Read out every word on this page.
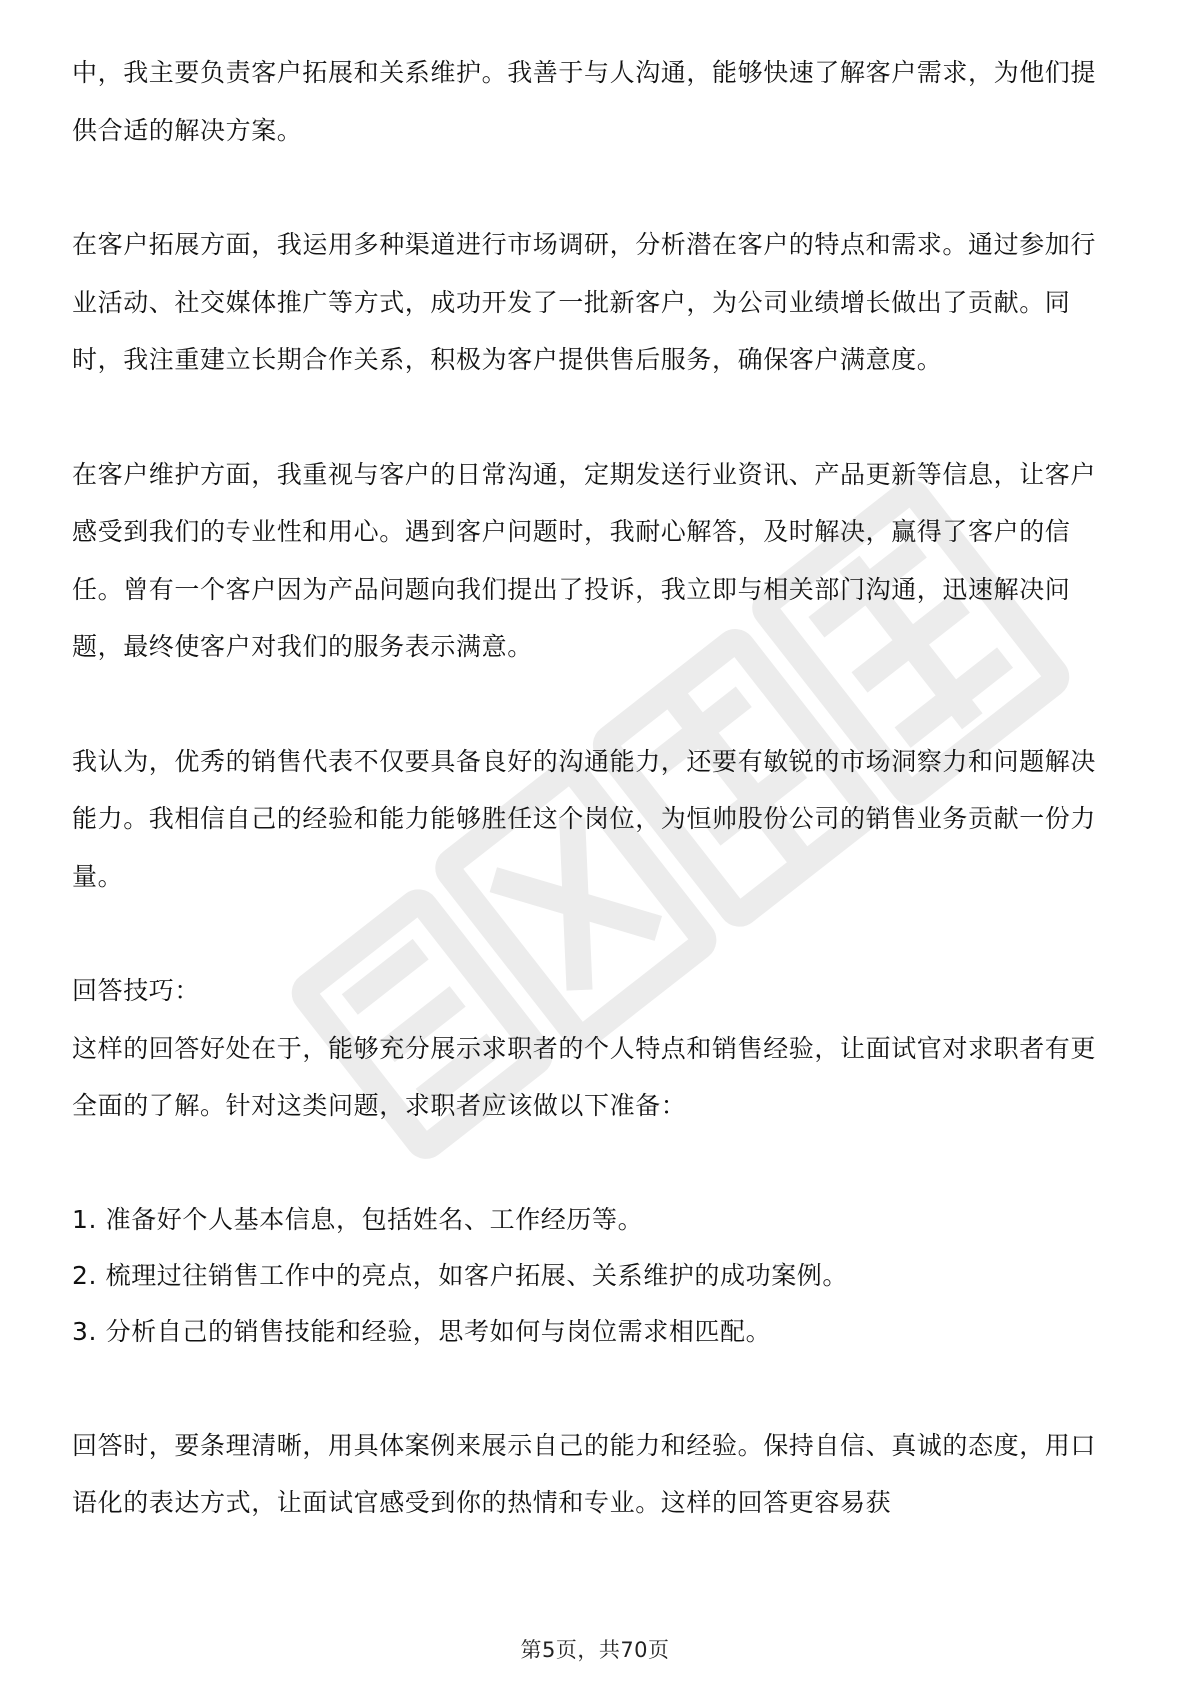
中，我主要负责客户拓展和关系维护。我善于与人沟通，能够快速了解客户需求，为他们提供合适的解决方案。

在客户拓展方面，我运用多种渠道进行市场调研，分析潜在客户的特点和需求。通过参加行业活动、社交媒体推广等方式，成功开发了一批新客户，为公司业绩增长做出了贡献。同时，我注重建立长期合作关系，积极为客户提供售后服务，确保客户满意度。

在客户维护方面，我重视与客户的日常沟通，定期发送行业资讯、产品更新等信息，让客户感受到我们的专业性和用心。遇到客户问题时，我耐心解答，及时解决，赢得了客户的信任。曾有一个客户因为产品问题向我们提出了投诉，我立即与相关部门沟通，迅速解决问题，最终使客户对我们的服务表示满意。

我认为，优秀的销售代表不仅要具备良好的沟通能力，还要有敏锐的市场洞察力和问题解决能力。我相信自己的经验和能力能够胜任这个岗位，为恒帅股份公司的销售业务贡献一份力量。

回答技巧：

这样的回答好处在于，能够充分展示求职者的个人特点和销售经验，让面试官对求职者有更全面的了解。针对这类问题，求职者应该做以下准备：

1. 准备好个人基本信息，包括姓名、工作经历等。

2. 梳理过往销售工作中的亮点，如客户拓展、关系维护的成功案例。

3. 分析自己的销售技能和经验，思考如何与岗位需求相匹配。

回答时，要条理清晰，用具体案例来展示自己的能力和经验。保持自信、真诚的态度，用口语化的表达方式，让面试官感受到你的热情和专业。这样的回答更容易获

第5页，共70页
